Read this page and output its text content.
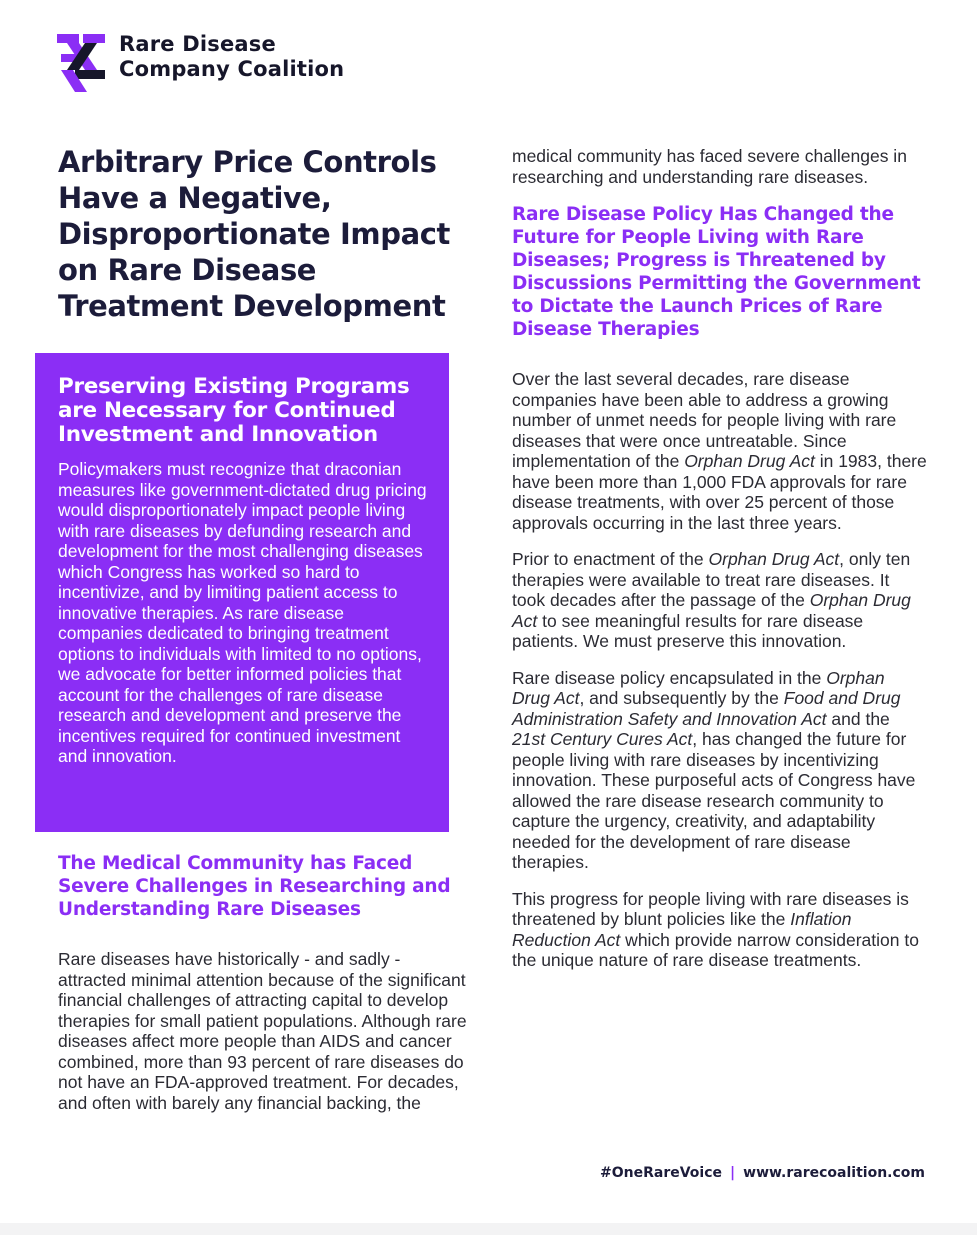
Rare Disease
Company Coalition
Arbitrary Price Controls Have a Negative, Disproportionate Impact on Rare Disease Treatment Development
Preserving Existing Programs are Necessary for Continued Investment and Innovation

Policymakers must recognize that draconian measures like government-dictated drug pricing would disproportionately impact people living with rare diseases by defunding research and development for the most challenging diseases which Congress has worked so hard to incentivize, and by limiting patient access to innovative therapies. As rare disease companies dedicated to bringing treatment options to individuals with limited to no options, we advocate for better informed policies that account for the challenges of rare disease research and development and preserve the incentives required for continued investment and innovation.

The Medical Community has Faced Severe Challenges in Researching and Understanding Rare Diseases

Rare diseases have historically - and sadly - attracted minimal attention because of the significant financial challenges of attracting capital to develop therapies for small patient populations. Although rare diseases affect more people than AIDS and cancer combined, more than 93 percent of rare diseases do not have an FDA-approved treatment. For decades, and often with barely any financial backing, the

medical community has faced severe challenges in researching and understanding rare diseases.

Rare Disease Policy Has Changed the Future for People Living with Rare Diseases; Progress is Threatened by Discussions Permitting the Government to Dictate the Launch Prices of Rare Disease Therapies

Over the last several decades, rare disease companies have been able to address a growing number of unmet needs for people living with rare diseases that were once untreatable. Since implementation of the Orphan Drug Act in 1983, there have been more than 1,000 FDA approvals for rare disease treatments, with over 25 percent of those approvals occurring in the last three years.

Prior to enactment of the Orphan Drug Act, only ten therapies were available to treat rare diseases. It took decades after the passage of the Orphan Drug Act to see meaningful results for rare disease patients. We must preserve this innovation.

Rare disease policy encapsulated in the Orphan Drug Act, and subsequently by the Food and Drug Administration Safety and Innovation Act and the 21st Century Cures Act, has changed the future for people living with rare diseases by incentivizing innovation. These purposeful acts of Congress have allowed the rare disease research community to capture the urgency, creativity, and adaptability needed for the development of rare disease therapies.

This progress for people living with rare diseases is threatened by blunt policies like the Inflation Reduction Act which provide narrow consideration to the unique nature of rare disease treatments.

#OneRareVoice | www.rarecoalition.com
